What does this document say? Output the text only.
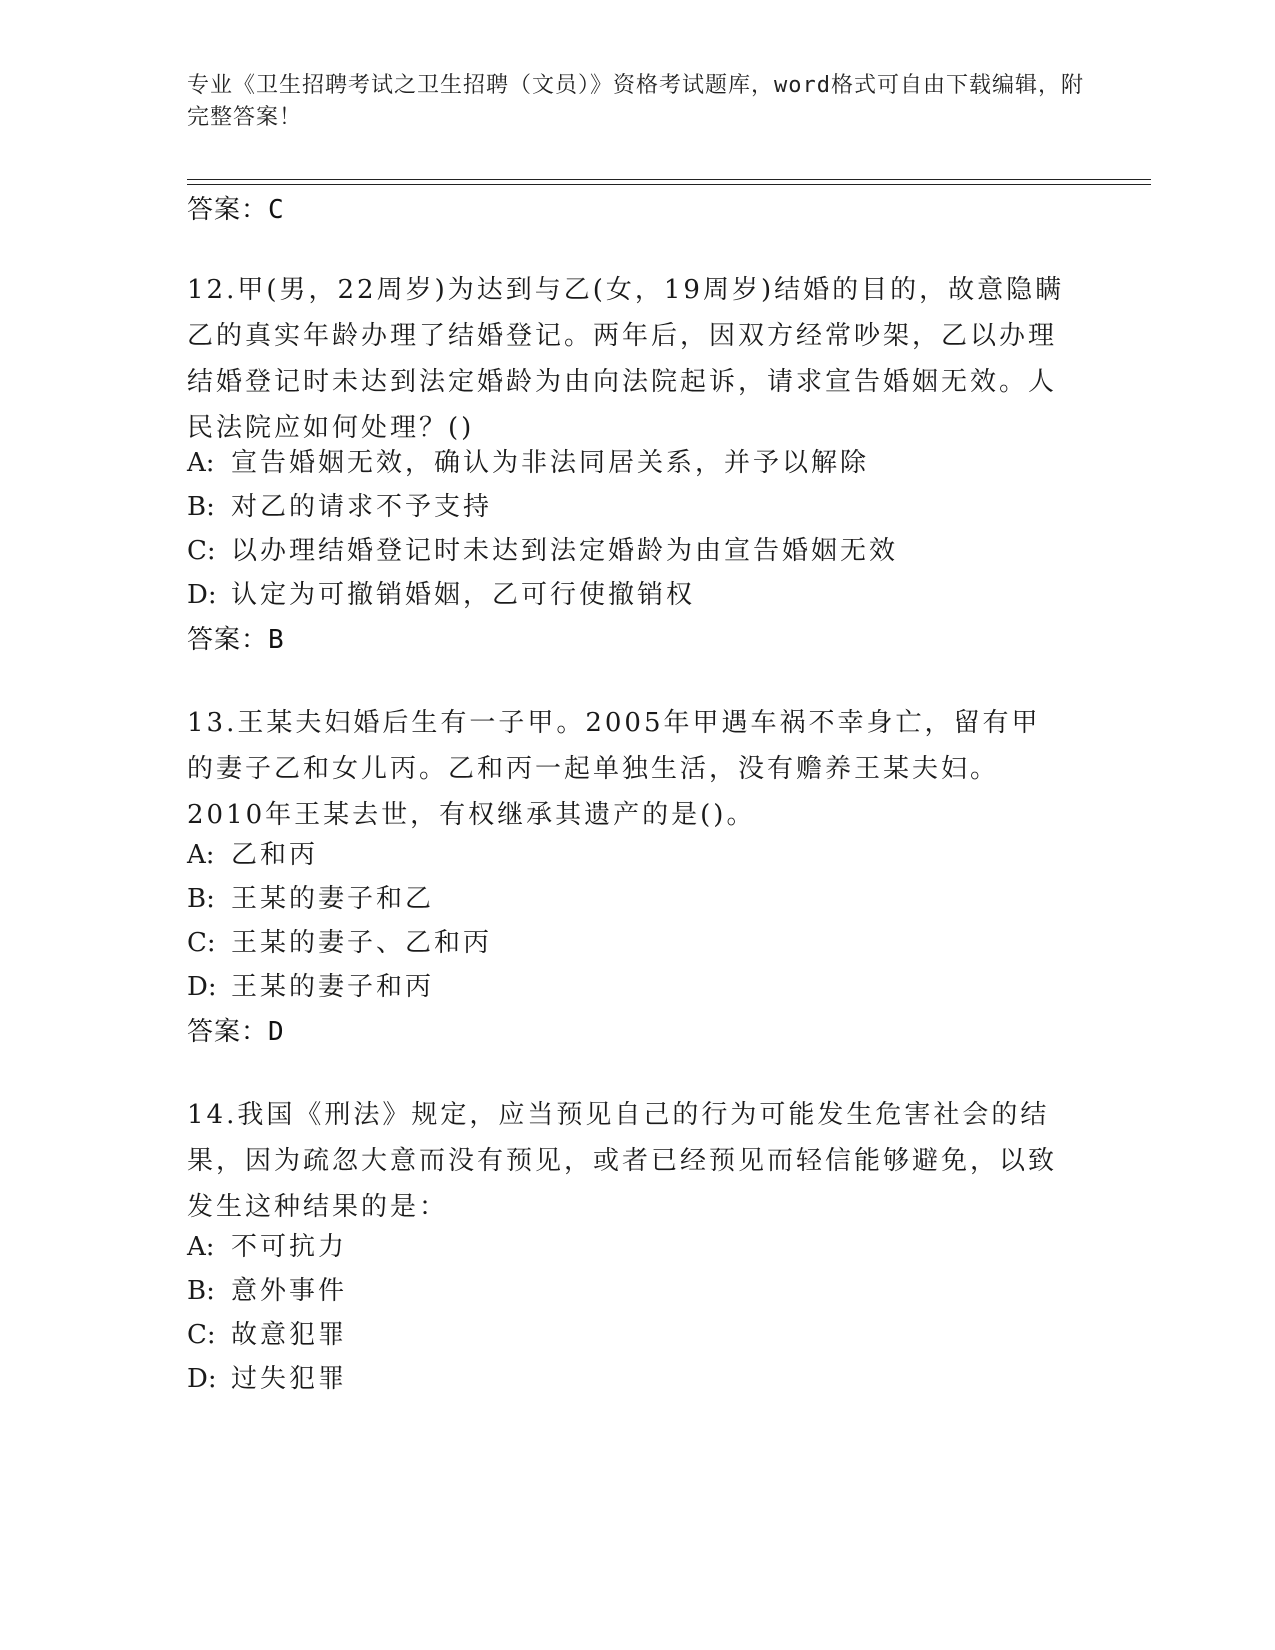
专业《卫生招聘考试之卫生招聘（文员）》资格考试题库，word格式可自由下载编辑，附完整答案！
答案：C
12.甲(男，22周岁)为达到与乙(女，19周岁)结婚的目的，故意隐瞒乙的真实年龄办理了结婚登记。两年后，因双方经常吵架，乙以办理结婚登记时未达到法定婚龄为由向法院起诉，请求宣告婚姻无效。人民法院应如何处理？()
A: 宣告婚姻无效，确认为非法同居关系，并予以解除
B: 对乙的请求不予支持
C: 以办理结婚登记时未达到法定婚龄为由宣告婚姻无效
D: 认定为可撤销婚姻，乙可行使撤销权
答案：B
13.王某夫妇婚后生有一子甲。2005年甲遇车祸不幸身亡，留有甲的妻子乙和女儿丙。乙和丙一起单独生活，没有赡养王某夫妇。2010年王某去世，有权继承其遗产的是()。
A: 乙和丙
B: 王某的妻子和乙
C: 王某的妻子、乙和丙
D: 王某的妻子和丙
答案：D
14.我国《刑法》规定，应当预见自己的行为可能发生危害社会的结果，因为疏忽大意而没有预见，或者已经预见而轻信能够避免，以致发生这种结果的是：
A: 不可抗力
B: 意外事件
C: 故意犯罪
D: 过失犯罪
